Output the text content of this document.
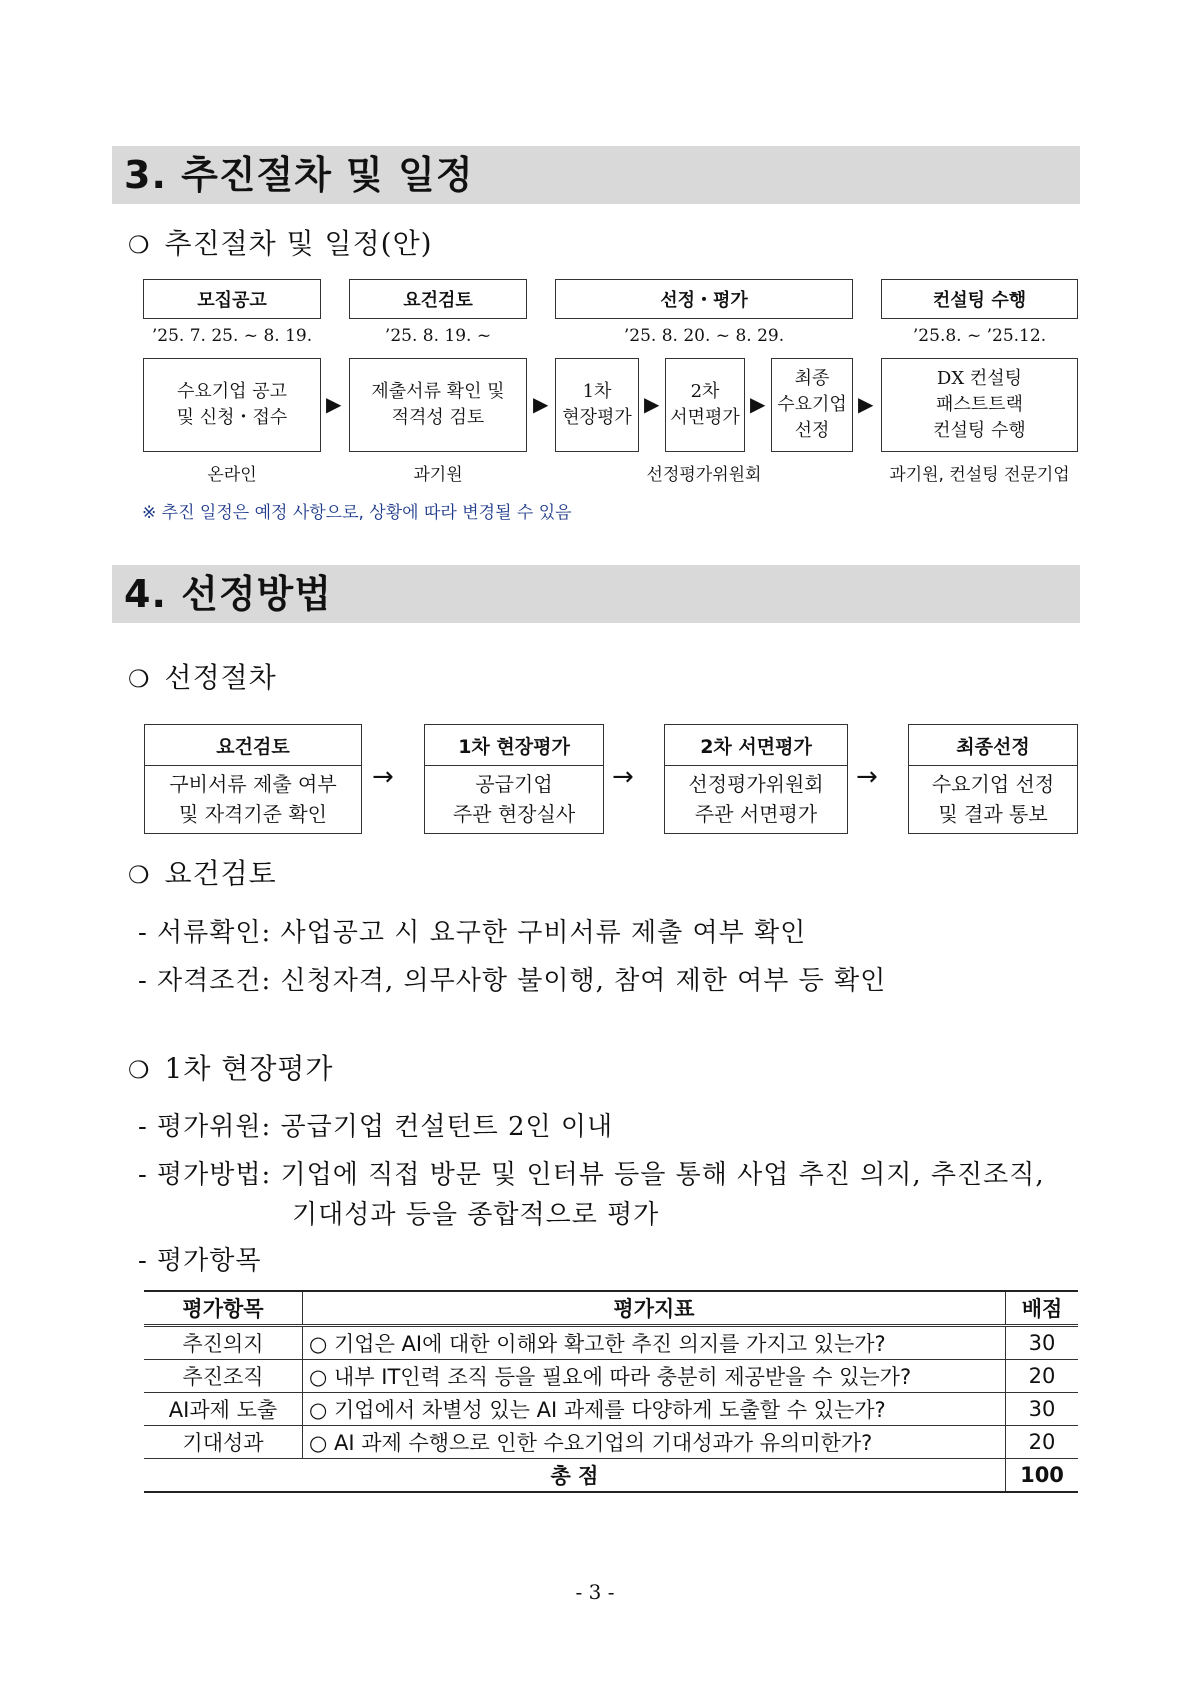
3. 추진절차 및 일정
❍ 추진절차 및 일정(안)
모집공고	요건검토	선정・평가	컨설팅 수행
’25. 7. 25. ~ 8. 19.	’25. 8. 19. ~	’25. 8. 20. ~ 8. 29.	’25.8. ~ ’25.12.
수요기업 공고
및 신청・접수
▶
제출서류 확인 및
적격성 검토
▶
1차
현장평가
▶
2차
서면평가
▶
최종
수요기업
선정
▶
DX 컨설팅
패스트트랙
컨설팅 수행
온라인	과기원	선정평가위원회	과기원, 컨설팅 전문기업
※ 추진 일정은 예정 사항으로, 상황에 따라 변경될 수 있음
4. 선정방법
❍ 선정절차
요건검토
구비서류 제출 여부
및 자격기준 확인
→
1차 현장평가
공급기업
주관 현장실사
→
2차 서면평가
선정평가위원회
주관 서면평가
→
최종선정
수요기업 선정
및 결과 통보
❍ 요건검토
- 서류확인: 사업공고 시 요구한 구비서류 제출 여부 확인
- 자격조건: 신청자격, 의무사항 불이행, 참여 제한 여부 등 확인
❍ 1차 현장평가
- 평가위원: 공급기업 컨설턴트 2인 이내
- 평가방법: 기업에 직접 방문 및 인터뷰 등을 통해 사업 추진 의지, 추진조직,
기대성과 등을 종합적으로 평가
- 평가항목
평가항목	평가지표	배점
추진의지	○ 기업은 AI에 대한 이해와 확고한 추진 의지를 가지고 있는가?	30
추진조직	○ 내부 IT인력 조직 등을 필요에 따라 충분히 제공받을 수 있는가?	20
AI과제 도출	○ 기업에서 차별성 있는 AI 과제를 다양하게 도출할 수 있는가?	30
기대성과	○ AI 과제 수행으로 인한 수요기업의 기대성과가 유의미한가?	20
총 점		100
- 3 -
